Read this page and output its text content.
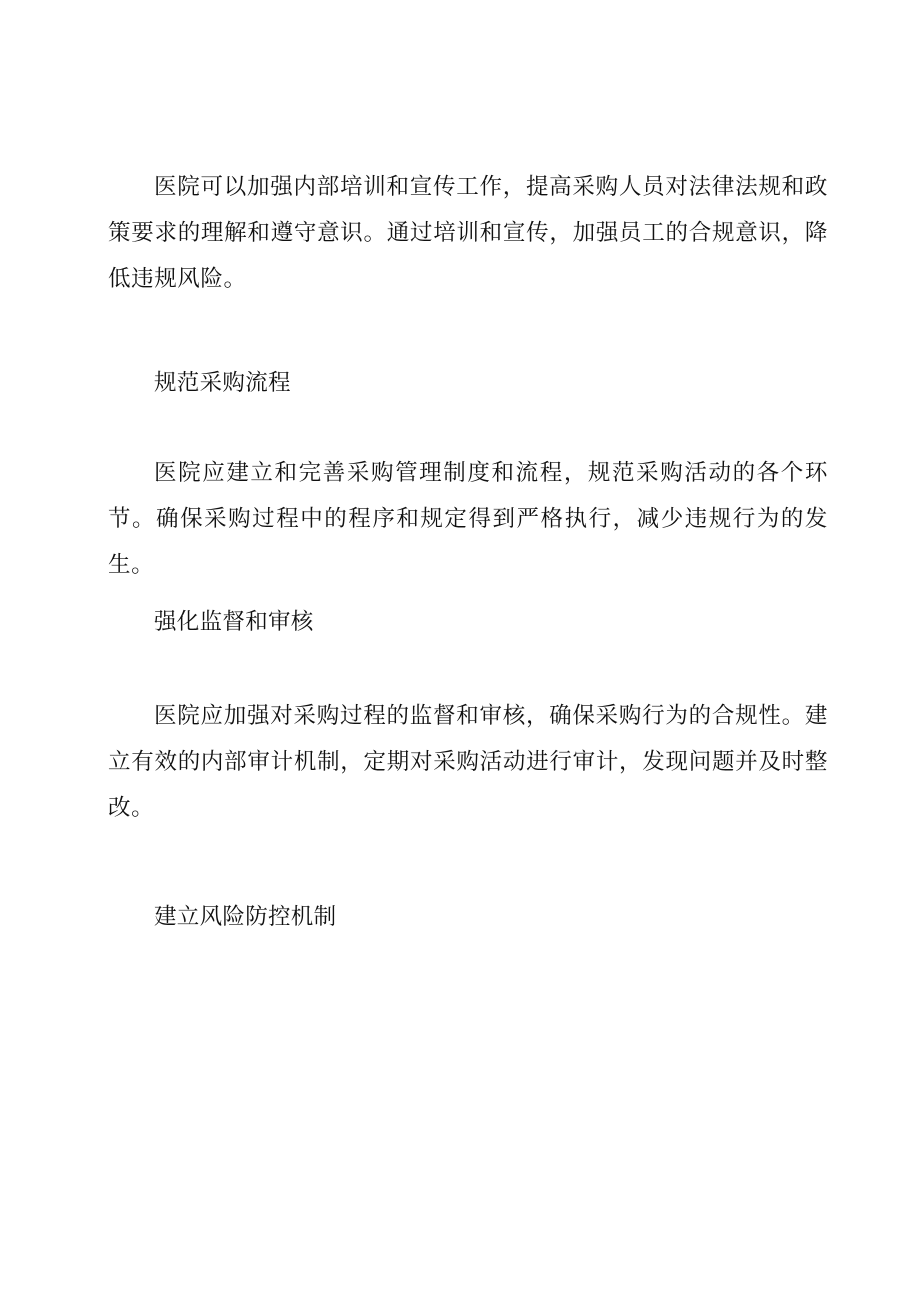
医院可以加强内部培训和宣传工作，提高采购人员对法律法规和政策要求的理解和遵守意识。通过培训和宣传，加强员工的合规意识，降低违规风险。

规范采购流程

医院应建立和完善采购管理制度和流程，规范采购活动的各个环节。确保采购过程中的程序和规定得到严格执行，减少违规行为的发生。

强化监督和审核

医院应加强对采购过程的监督和审核，确保采购行为的合规性。建立有效的内部审计机制，定期对采购活动进行审计，发现问题并及时整改。

建立风险防控机制
